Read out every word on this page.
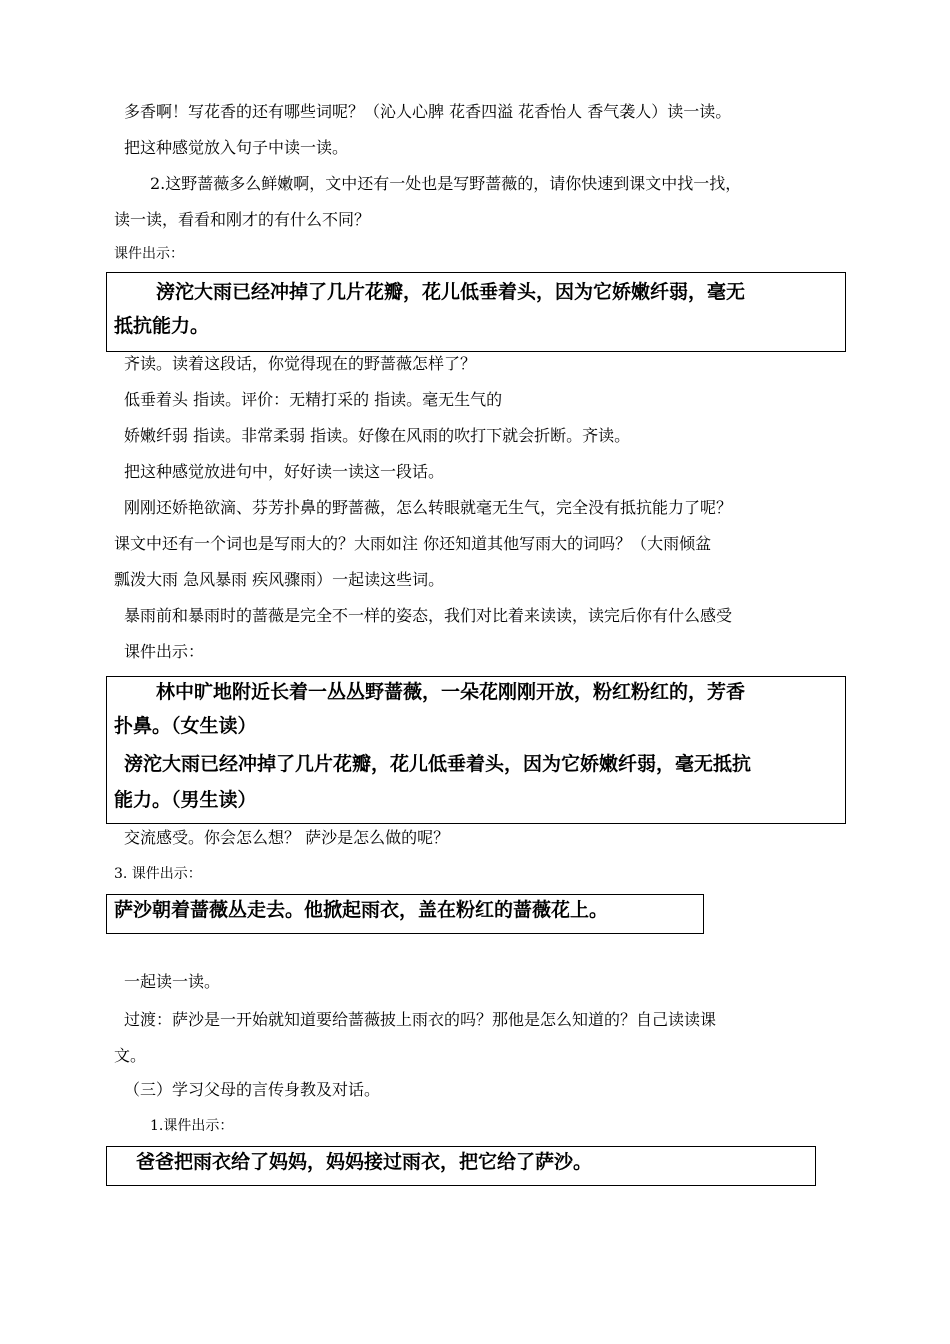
多香啊！写花香的还有哪些词呢？（沁人心脾 花香四溢 花香怡人 香气袭人）读一读。
把这种感觉放入句子中读一读。
2.这野蔷薇多么鲜嫩啊，文中还有一处也是写野蔷薇的，请你快速到课文中找一找，
读一读，看看和刚才的有什么不同？
课件出示：
滂沱大雨已经冲掉了几片花瓣，花儿低垂着头，因为它娇嫩纤弱，毫无
抵抗能力。
齐读。读着这段话，你觉得现在的野蔷薇怎样了？
低垂着头 指读。评价：无精打采的 指读。毫无生气的
娇嫩纤弱 指读。非常柔弱 指读。好像在风雨的吹打下就会折断。齐读。
把这种感觉放进句中，好好读一读这一段话。
刚刚还娇艳欲滴、芬芳扑鼻的野蔷薇，怎么转眼就毫无生气，完全没有抵抗能力了呢？
课文中还有一个词也是写雨大的？大雨如注 你还知道其他写雨大的词吗？（大雨倾盆
瓢泼大雨 急风暴雨 疾风骤雨）一起读这些词。
暴雨前和暴雨时的蔷薇是完全不一样的姿态，我们对比着来读读，读完后你有什么感受
课件出示：
林中旷地附近长着一丛丛野蔷薇，一朵花刚刚开放，粉红粉红的，芳香
扑鼻。（女生读）
滂沱大雨已经冲掉了几片花瓣，花儿低垂着头，因为它娇嫩纤弱，毫无抵抗
能力。（男生读）
交流感受。你会怎么想？ 萨沙是怎么做的呢？
3. 课件出示：
萨沙朝着蔷薇丛走去。他掀起雨衣，盖在粉红的蔷薇花上。
一起读一读。
过渡：萨沙是一开始就知道要给蔷薇披上雨衣的吗？那他是怎么知道的？自己读读课
文。
（三）学习父母的言传身教及对话。
1.课件出示：
爸爸把雨衣给了妈妈，妈妈接过雨衣，把它给了萨沙。
